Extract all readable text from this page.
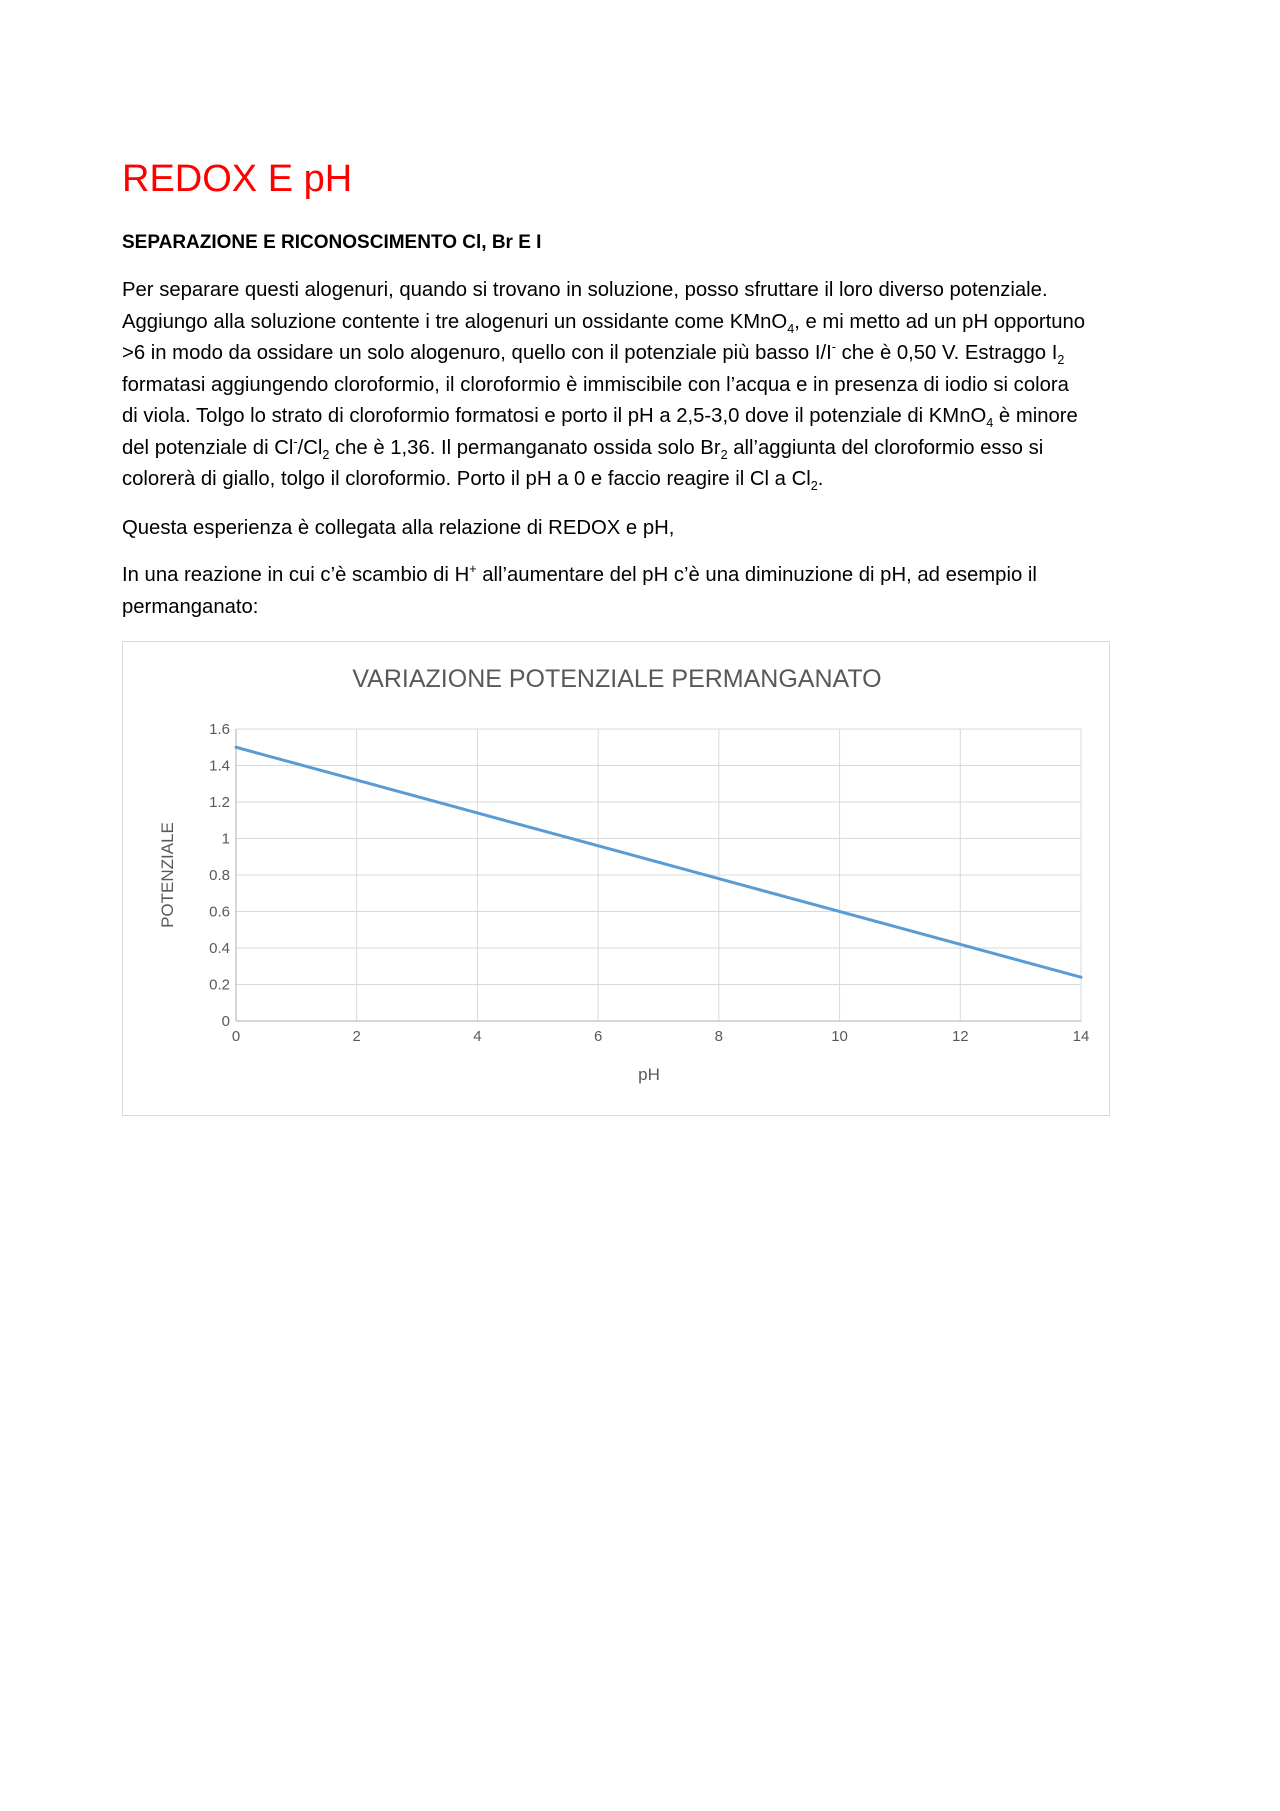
REDOX E pH
SEPARAZIONE E RICONOSCIMENTO Cl, Br E I
Per separare questi alogenuri, quando si trovano in soluzione, posso sfruttare il loro diverso potenziale.
Aggiungo alla soluzione contente i tre alogenuri un ossidante come KMnO$_4$, e mi metto ad un pH opportuno
>6 in modo da ossidare un solo alogenuro, quello con il potenziale più basso I/I- che è 0,50 V. Estraggo $I_2$
formatasi aggiungendo cloroformio, il cloroformio è immiscibile con l’acqua e in presenza di iodio si colora
di viola. Tolgo lo strato di cloroformio formatosi e porto il pH a 2,5-3,0 dove il potenziale di KMnO$_4$ è minore
del potenziale di $Cl^-/Cl_2$ che è 1,36. Il permanganato ossida solo $Br_2$ all’aggiunta del cloroformio esso si
colorerà di giallo, tolgo il cloroformio. Porto il pH a 0 e faccio reagire il Cl a $Cl_2$.

Questa esperienza è collegata alla relazione di REDOX e pH,

In una reazione in cui c’è scambio di H+ all’aumentare del pH c’è una diminuzione di pH, ad esempio il
permanganato:
0
0.2
0.4
0.6
0.8
1
1.2
1.4
1.6
0	2	4	6	8	10	12	14
VARIAZIONE POTENZIALE PERMANGANATO
pH
POTENZIALE
